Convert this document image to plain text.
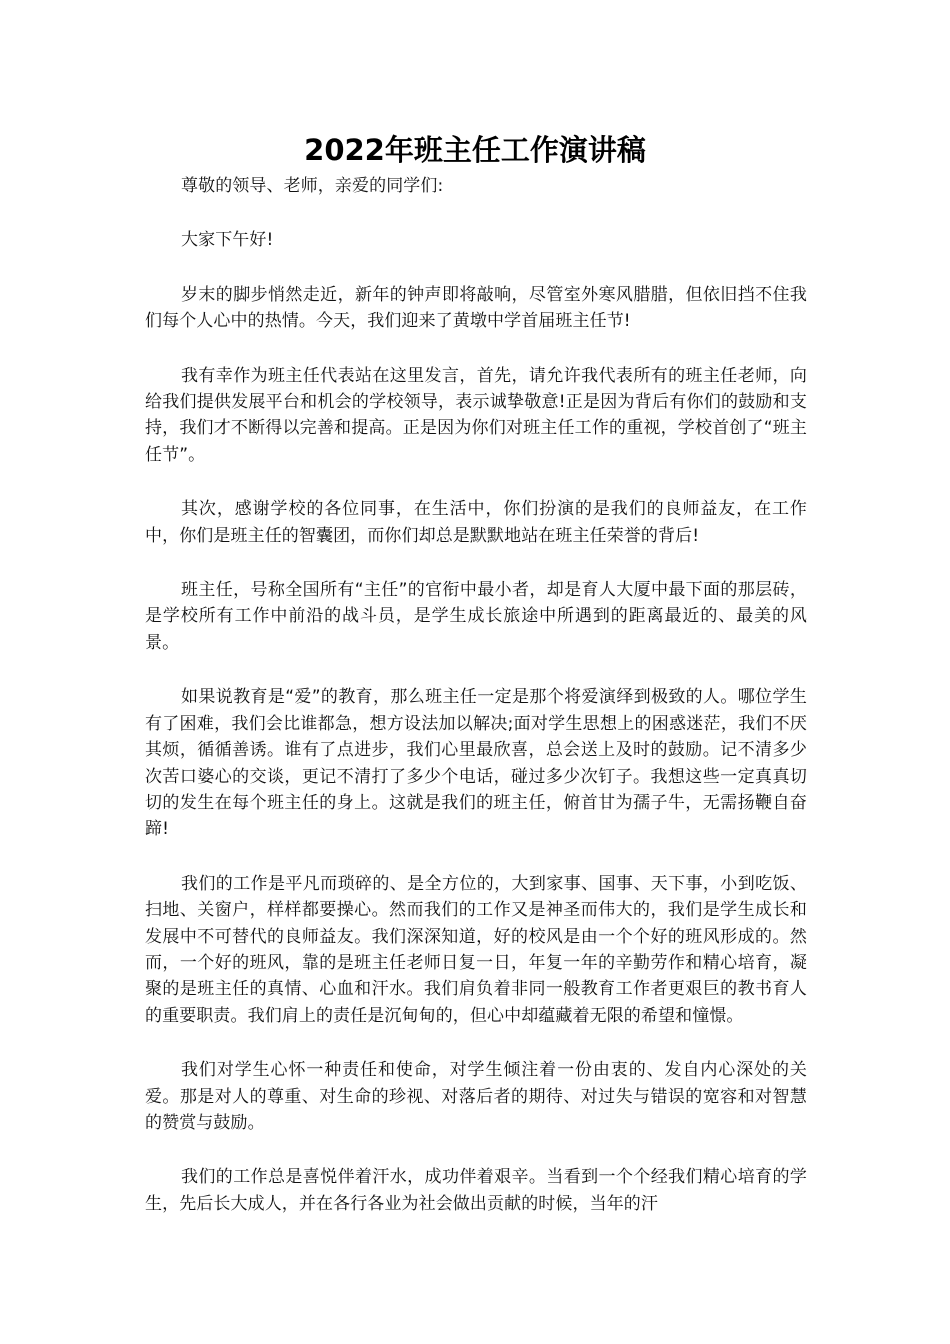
2022年班主任工作演讲稿

尊敬的领导、老师，亲爱的同学们:

大家下午好!

岁末的脚步悄然走近，新年的钟声即将敲响，尽管室外寒风腊腊，但依旧挡不住我们每个人心中的热情。今天，我们迎来了黄墩中学首届班主任节!

我有幸作为班主任代表站在这里发言，首先，请允许我代表所有的班主任老师，向给我们提供发展平台和机会的学校领导，表示诚挚敬意!正是因为背后有你们的鼓励和支持，我们才不断得以完善和提高。正是因为你们对班主任工作的重视，学校首创了“班主任节”。

其次，感谢学校的各位同事，在生活中，你们扮演的是我们的良师益友，在工作中，你们是班主任的智囊团，而你们却总是默默地站在班主任荣誉的背后!

班主任，号称全国所有“主任”的官衔中最小者，却是育人大厦中最下面的那层砖，是学校所有工作中前沿的战斗员，是学生成长旅途中所遇到的距离最近的、最美的风景。

如果说教育是“爱”的教育，那么班主任一定是那个将爱演绎到极致的人。哪位学生有了困难，我们会比谁都急，想方设法加以解决;面对学生思想上的困惑迷茫，我们不厌其烦，循循善诱。谁有了点进步，我们心里最欣喜，总会送上及时的鼓励。记不清多少次苦口婆心的交谈，更记不清打了多少个电话，碰过多少次钉子。我想这些一定真真切切的发生在每个班主任的身上。这就是我们的班主任，俯首甘为孺子牛，无需扬鞭自奋蹄!

我们的工作是平凡而琐碎的、是全方位的，大到家事、国事、天下事，小到吃饭、扫地、关窗户，样样都要操心。然而我们的工作又是神圣而伟大的，我们是学生成长和发展中不可替代的良师益友。我们深深知道，好的校风是由一个个好的班风形成的。然而，一个好的班风，靠的是班主任老师日复一日，年复一年的辛勤劳作和精心培育，凝聚的是班主任的真情、心血和汗水。我们肩负着非同一般教育工作者更艰巨的教书育人的重要职责。我们肩上的责任是沉甸甸的，但心中却蕴藏着无限的希望和憧憬。

我们对学生心怀一种责任和使命，对学生倾注着一份由衷的、发自内心深处的关爱。那是对人的尊重、对生命的珍视、对落后者的期待、对过失与错误的宽容和对智慧的赞赏与鼓励。

我们的工作总是喜悦伴着汗水，成功伴着艰辛。当看到一个个经我们精心培育的学生，先后长大成人，并在各行各业为社会做出贡献的时候，当年的汗
